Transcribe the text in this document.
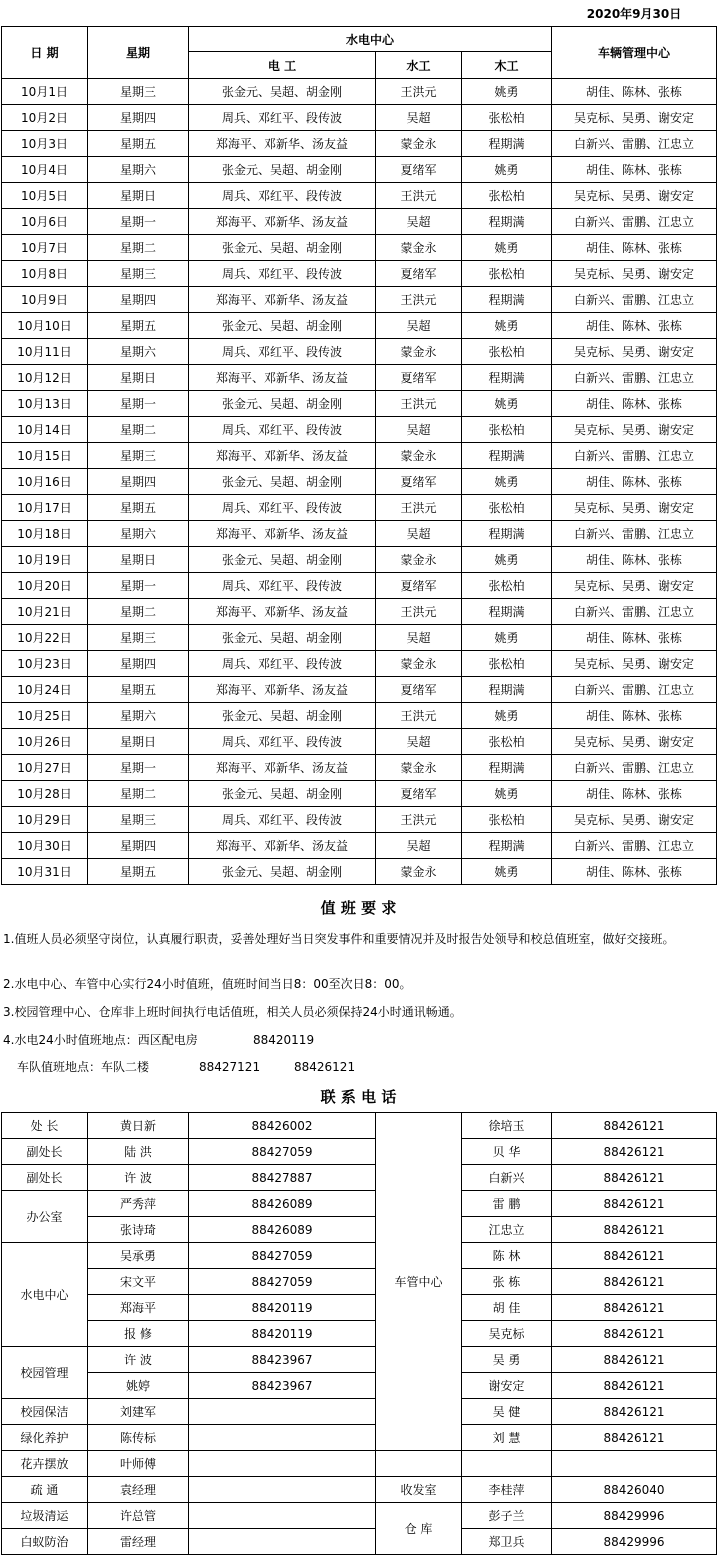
2020年9月30日
日 期	星期	水电中心			车辆管理中心
		电 工	水工	木工	
10月1日	星期三	张金元、吴超、胡金刚	王洪元	姚勇	胡佳、陈林、张栋
10月2日	星期四	周兵、邓红平、段传波	吴超	张松柏	吴克标、吴勇、谢安定
10月3日	星期五	郑海平、邓新华、汤友益	蒙金永	程期满	白新兴、雷鹏、江忠立
10月4日	星期六	张金元、吴超、胡金刚	夏绪军	姚勇	胡佳、陈林、张栋
10月5日	星期日	周兵、邓红平、段传波	王洪元	张松柏	吴克标、吴勇、谢安定
10月6日	星期一	郑海平、邓新华、汤友益	吴超	程期满	白新兴、雷鹏、江忠立
10月7日	星期二	张金元、吴超、胡金刚	蒙金永	姚勇	胡佳、陈林、张栋
10月8日	星期三	周兵、邓红平、段传波	夏绪军	张松柏	吴克标、吴勇、谢安定
10月9日	星期四	郑海平、邓新华、汤友益	王洪元	程期满	白新兴、雷鹏、江忠立
10月10日	星期五	张金元、吴超、胡金刚	吴超	姚勇	胡佳、陈林、张栋
10月11日	星期六	周兵、邓红平、段传波	蒙金永	张松柏	吴克标、吴勇、谢安定
10月12日	星期日	郑海平、邓新华、汤友益	夏绪军	程期满	白新兴、雷鹏、江忠立
10月13日	星期一	张金元、吴超、胡金刚	王洪元	姚勇	胡佳、陈林、张栋
10月14日	星期二	周兵、邓红平、段传波	吴超	张松柏	吴克标、吴勇、谢安定
10月15日	星期三	郑海平、邓新华、汤友益	蒙金永	程期满	白新兴、雷鹏、江忠立
10月16日	星期四	张金元、吴超、胡金刚	夏绪军	姚勇	胡佳、陈林、张栋
10月17日	星期五	周兵、邓红平、段传波	王洪元	张松柏	吴克标、吴勇、谢安定
10月18日	星期六	郑海平、邓新华、汤友益	吴超	程期满	白新兴、雷鹏、江忠立
10月19日	星期日	张金元、吴超、胡金刚	蒙金永	姚勇	胡佳、陈林、张栋
10月20日	星期一	周兵、邓红平、段传波	夏绪军	张松柏	吴克标、吴勇、谢安定
10月21日	星期二	郑海平、邓新华、汤友益	王洪元	程期满	白新兴、雷鹏、江忠立
10月22日	星期三	张金元、吴超、胡金刚	吴超	姚勇	胡佳、陈林、张栋
10月23日	星期四	周兵、邓红平、段传波	蒙金永	张松柏	吴克标、吴勇、谢安定
10月24日	星期五	郑海平、邓新华、汤友益	夏绪军	程期满	白新兴、雷鹏、江忠立
10月25日	星期六	张金元、吴超、胡金刚	王洪元	姚勇	胡佳、陈林、张栋
10月26日	星期日	周兵、邓红平、段传波	吴超	张松柏	吴克标、吴勇、谢安定
10月27日	星期一	郑海平、邓新华、汤友益	蒙金永	程期满	白新兴、雷鹏、江忠立
10月28日	星期二	张金元、吴超、胡金刚	夏绪军	姚勇	胡佳、陈林、张栋
10月29日	星期三	周兵、邓红平、段传波	王洪元	张松柏	吴克标、吴勇、谢安定
10月30日	星期四	郑海平、邓新华、汤友益	吴超	程期满	白新兴、雷鹏、江忠立
10月31日	星期五	张金元、吴超、胡金刚	蒙金永	姚勇	胡佳、陈林、张栋
值 班 要 求
1.值班人员必须坚守岗位，认真履行职责，妥善处理好当日突发事件和重要情况并及时报告处领导和校总值班室，做好交接班。
2.水电中心、车管中心实行24小时值班，值班时间当日8：00至次日8：00。
3.校园管理中心、仓库非上班时间执行电话值班，相关人员必须保持24小时通讯畅通。
4.水电24小时值班地点：西区配电房	88420119
车队值班地点：车队二楼	88427121	88426121
联 系 电 话
处 长	黄日新	88426002	车管中心	徐培玉	88426121
副处长	陆 洪	88427059		贝 华	88426121
副处长	许 波	88427887		白新兴	88426121
办公室	严秀萍	88426089		雷 鹏	88426121
	张诗琦	88426089		江忠立	88426121
水电中心	吴承勇	88427059		陈 林	88426121
	宋文平	88427059		张 栋	88426121
	郑海平	88420119		胡 佳	88426121
	报 修	88420119		吴克标	88426121
校园管理	许 波	88423967		吴 勇	88426121
	姚婷	88423967		谢安定	88426121
校园保洁	刘建军			吴 健	88426121
绿化养护	陈传标			刘 慧	88426121
花卉摆放	叶师傅				
疏 通	袁经理		收发室	李桂萍	88426040
垃圾清运	许总管		仓 库	彭子兰	88429996
白蚁防治	雷经理			郑卫兵	88429996
